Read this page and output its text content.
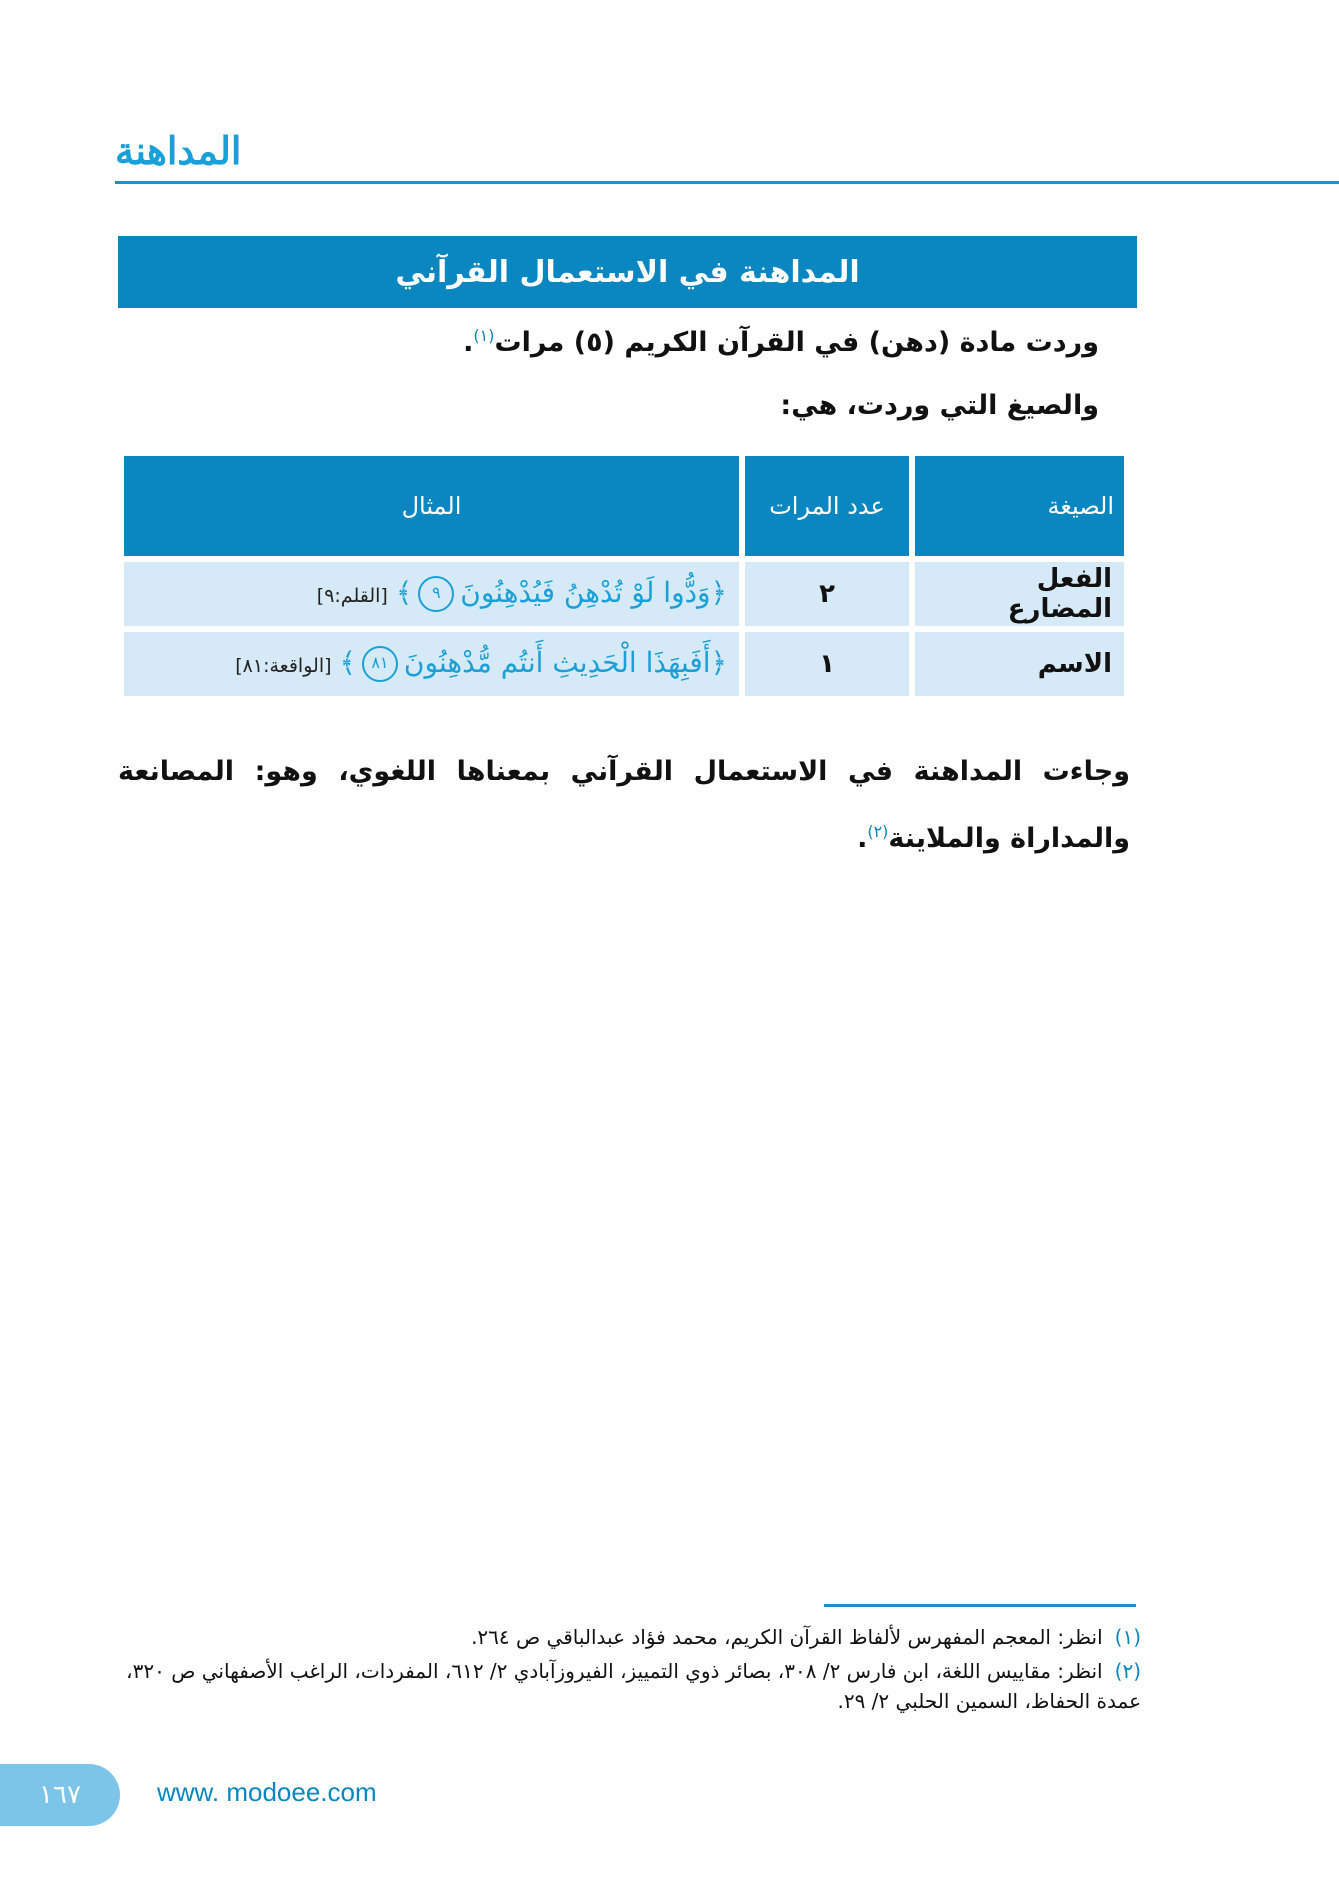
المداهنة
المداهنة في الاستعمال القرآني
وردت مادة (دهن) في القرآن الكريم (٥) مرات$^{(١)}$.
والصيغ التي وردت، هي:
الصيغة	عدد المرات	المثال
الفعل المضارع	٢	﴿وَدُّوا لَوْ تُدْهِنُ فَيُدْهِنُونَ٩﴾[القلم:٩]
الاسم	١	﴿أَفَبِهَذَا الْحَدِيثِ أَنتُم مُّدْهِنُونَ٨١﴾[الواقعة:٨١]
وجاءت المداهنة في الاستعمال القرآني بمعناها اللغوي، وهو: المصانعة والمداراة والملاينة$^{(٢)}$.
(١)انظر: المعجم المفهرس لألفاظ القرآن الكريم، محمد فؤاد عبدالباقي ص ٢٦٤.
(٢)انظر: مقاييس اللغة، ابن فارس ٢/ ٣٠٨، بصائر ذوي التمييز، الفيروزآبادي ٢/ ٦١٢، المفردات، الراغب الأصفهاني ص ٣٢٠، عمدة الحفاظ، السمين الحلبي ٢/ ٢٩.
١٦٧	www. modoee.com
